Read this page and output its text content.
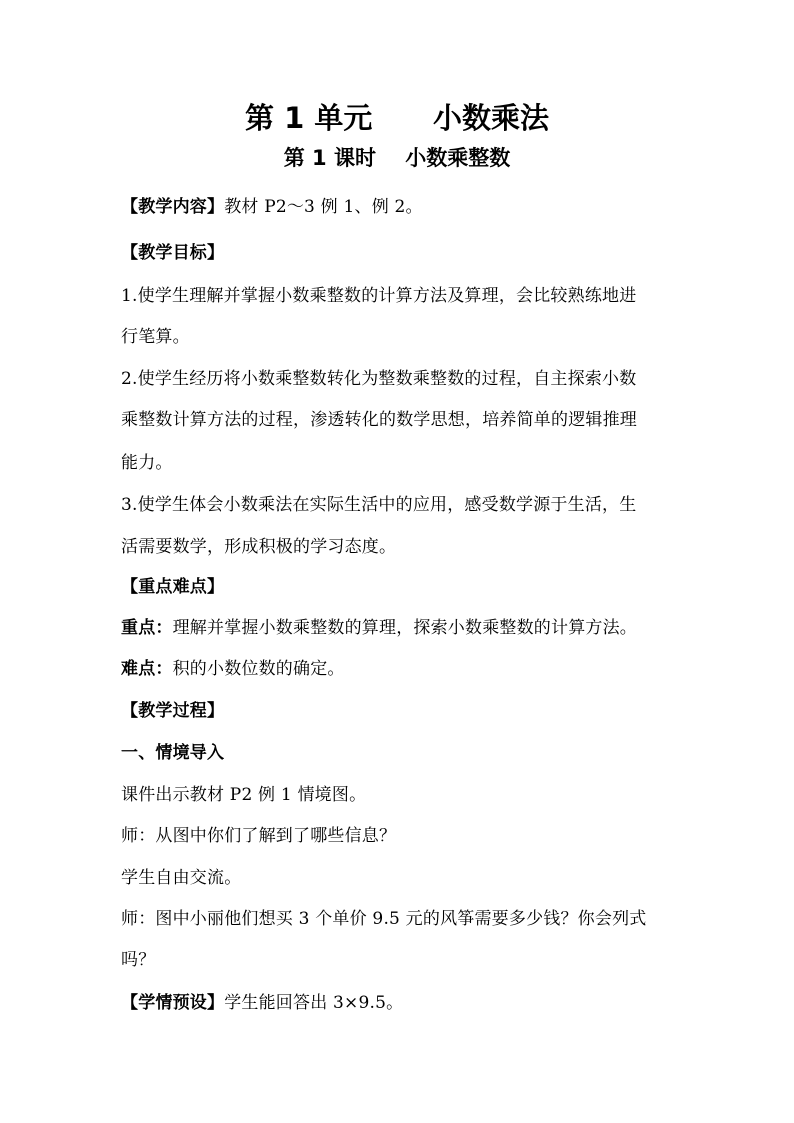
第 1 单元      小数乘法
第 1 课时    小数乘整数
【教学内容】教材 P2～3 例 1、例 2。
【教学目标】
1.使学生理解并掌握小数乘整数的计算方法及算理，会比较熟练地进
行笔算。
2.使学生经历将小数乘整数转化为整数乘整数的过程，自主探索小数
乘整数计算方法的过程，渗透转化的数学思想，培养简单的逻辑推理
能力。
3.使学生体会小数乘法在实际生活中的应用，感受数学源于生活，生
活需要数学，形成积极的学习态度。
【重点难点】
重点：理解并掌握小数乘整数的算理，探索小数乘整数的计算方法。
难点：积的小数位数的确定。
【教学过程】
一、情境导入
课件出示教材 P2 例 1 情境图。
师：从图中你们了解到了哪些信息？
学生自由交流。
师：图中小丽他们想买 3 个单价 9.5 元的风筝需要多少钱？你会列式
吗？
【学情预设】学生能回答出 3×9.5。
